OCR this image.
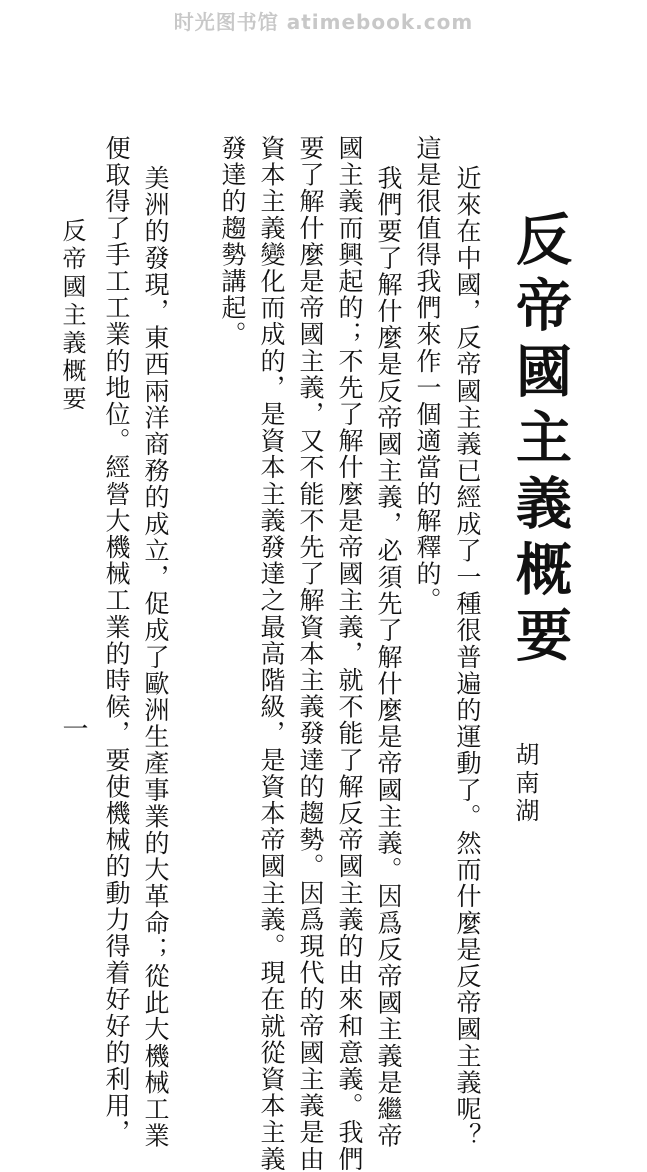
时光图书馆 atimebook.com
反帝國主義概要
胡南湖
近來在中國，反帝國主義已經成了一種很普遍的運動了。然而什麼是反帝國主義呢？
這是很值得我們來作一個適當的解釋的。
我們要了解什麼是反帝國主義，必須先了解什麼是帝國主義。因爲反帝國主義是繼帝
國主義而興起的；不先了解什麼是帝國主義，就不能了解反帝國主義的由來和意義。我們
要了解什麼是帝國主義，又不能不先了解資本主義發達的趨勢。因爲現代的帝國主義是由
資本主義變化而成的，是資本主義發達之最高階級，是資本帝國主義。現在就從資本主義
發達的趨勢講起。
美洲的發現，東西兩洋商務的成立，促成了歐洲生產事業的大革命；從此大機械工業
便取得了手工工業的地位。經營大機械工業的時候，要使機械的動力得着好好的利用，
反帝國主義概要
一
